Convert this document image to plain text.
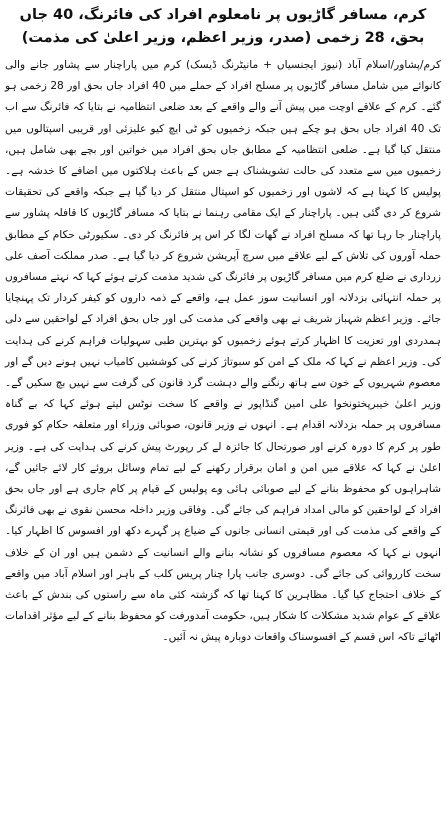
کرم، مسافر گاڑیوں پر نامعلوم افراد کی فائرنگ، 40 جاں بحق، 28 زخمی (صدر، وزیر اعظم، وزیر اعلیٰ کی مذمت)

کرم/پشاور/اسلام آباد (نیوز ایجنسیاں + مانیٹرنگ ڈیسک) کرم میں پاراچنار سے پشاور جانے والی کانوائے میں شامل مسافر گاڑیوں پر مسلح افراد کے حملے میں 40 افراد جاں بحق اور 28 زخمی ہو گئے۔ کرم کے علاقے اوچت میں پیش آنے والے واقعے کے بعد ضلعی انتظامیہ نے بتایا کہ فائرنگ سے اب تک 40 افراد جاں بحق ہو چکے ہیں جبکہ زخمیوں کو ٹی ایچ کیو علیزئی اور قریبی اسپتالوں میں منتقل کیا گیا ہے۔ ضلعی انتظامیہ کے مطابق جاں بحق افراد میں خواتین اور بچے بھی شامل ہیں، زخمیوں میں سے متعدد کی حالت تشویشناک ہے جس کے باعث ہلاکتوں میں اضافے کا خدشہ ہے۔ پولیس کا کہنا ہے کہ لاشوں اور زخمیوں کو اسپتال منتقل کر دیا گیا ہے جبکہ واقعے کی تحقیقات شروع کر دی گئی ہیں۔ پاراچنار کے ایک مقامی رہنما نے بتایا کہ مسافر گاڑیوں کا قافلہ پشاور سے پاراچنار جا رہا تھا کہ مسلح افراد نے گھات لگا کر اس پر فائرنگ کر دی۔ سکیورٹی حکام کے مطابق حملہ آوروں کی تلاش کے لیے علاقے میں سرچ آپریشن شروع کر دیا گیا ہے۔ صدر مملکت آصف علی زرداری نے ضلع کرم میں مسافر گاڑیوں پر فائرنگ کی شدید مذمت کرتے ہوئے کہا کہ نہتے مسافروں پر حملہ انتہائی بزدلانہ اور انسانیت سوز عمل ہے، واقعے کے ذمہ داروں کو کیفر کردار تک پہنچایا جائے۔ وزیر اعظم شہباز شریف نے بھی واقعے کی مذمت کی اور جاں بحق افراد کے لواحقین سے دلی ہمدردی اور تعزیت کا اظہار کرتے ہوئے زخمیوں کو بہترین طبی سہولیات فراہم کرنے کی ہدایت کی۔ وزیر اعظم نے کہا کہ ملک کے امن کو سبوتاژ کرنے کی کوششیں کامیاب نہیں ہونے دیں گے اور معصوم شہریوں کے خون سے ہاتھ رنگنے والے دہشت گرد قانون کی گرفت سے نہیں بچ سکیں گے۔ وزیر اعلیٰ خیبرپختونخوا علی امین گنڈاپور نے واقعے کا سخت نوٹس لیتے ہوئے کہا کہ بے گناہ مسافروں پر حملہ بزدلانہ اقدام ہے۔ انہوں نے وزیر قانون، صوبائی وزراء اور متعلقہ حکام کو فوری طور پر کرم کا دورہ کرنے اور صورتحال کا جائزہ لے کر رپورٹ پیش کرنے کی ہدایت کی ہے۔ وزیر اعلیٰ نے کہا کہ علاقے میں امن و امان برقرار رکھنے کے لیے تمام وسائل بروئے کار لائے جائیں گے، شاہراہوں کو محفوظ بنانے کے لیے صوبائی ہائی وے پولیس کے قیام پر کام جاری ہے اور جاں بحق افراد کے لواحقین کو مالی امداد فراہم کی جائے گی۔ وفاقی وزیر داخلہ محسن نقوی نے بھی فائرنگ کے واقعے کی مذمت کی اور قیمتی انسانی جانوں کے ضیاع پر گہرے دکھ اور افسوس کا اظہار کیا۔ انہوں نے کہا کہ معصوم مسافروں کو نشانہ بنانے والے انسانیت کے دشمن ہیں اور ان کے خلاف سخت کارروائی کی جائے گی۔ دوسری جانب پارا چنار پریس کلب کے باہر اور اسلام آباد میں واقعے کے خلاف احتجاج کیا گیا۔ مظاہرین کا کہنا تھا کہ گزشتہ کئی ماہ سے راستوں کی بندش کے باعث علاقے کے عوام شدید مشکلات کا شکار ہیں، حکومت آمدورفت کو محفوظ بنانے کے لیے مؤثر اقدامات اٹھائے تاکہ اس قسم کے افسوسناک واقعات دوبارہ پیش نہ آئیں۔
